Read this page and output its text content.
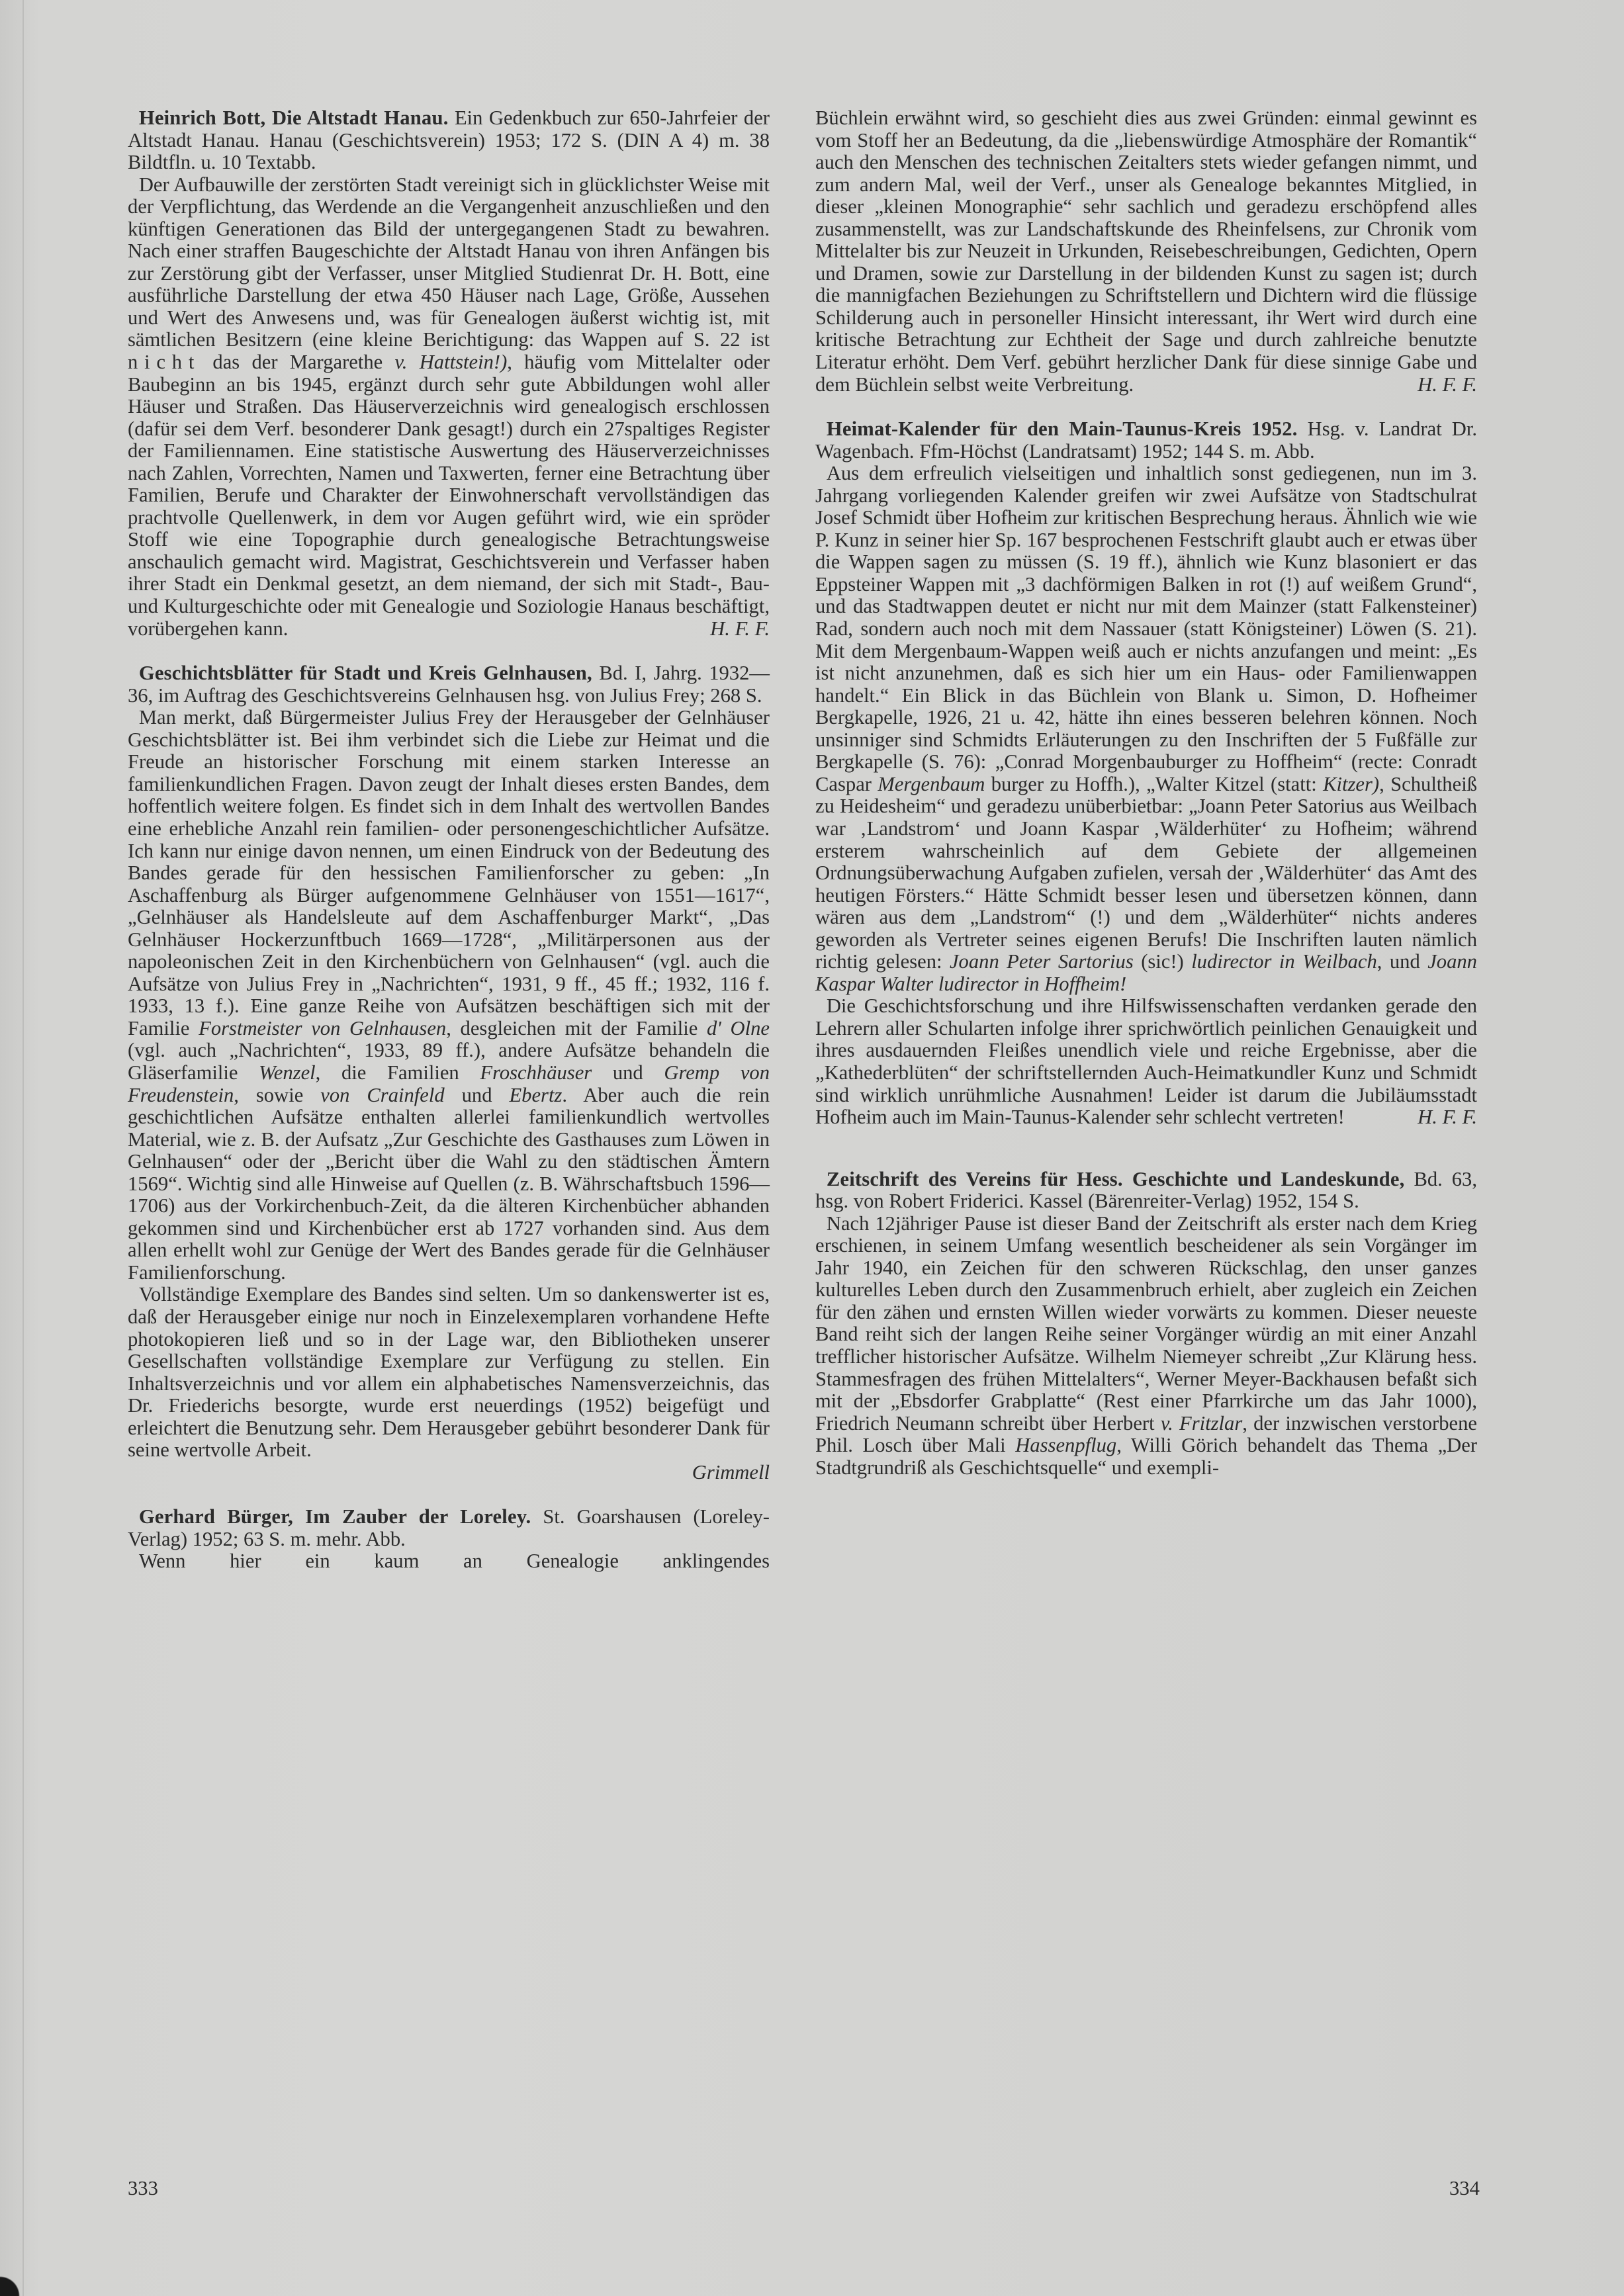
Heinrich Bott, Die Altstadt Hanau. Ein Gedenkbuch zur 650-Jahrfeier der Altstadt Hanau. Hanau (Geschichtsverein) 1953; 172 S. (DIN A 4) m. 38 Bildtfln. u. 10 Textabb.

Der Aufbauwille der zerstörten Stadt vereinigt sich in glücklichster Weise mit der Verpflichtung, das Werdende an die Vergangenheit anzuschließen und den künftigen Generationen das Bild der untergegangenen Stadt zu bewahren. Nach einer straffen Baugeschichte der Altstadt Hanau von ihren Anfängen bis zur Zerstörung gibt der Verfasser, unser Mitglied Studienrat Dr. H. Bott, eine ausführliche Darstellung der etwa 450 Häuser nach Lage, Größe, Aussehen und Wert des Anwesens und, was für Genealogen äußerst wichtig ist, mit sämtlichen Besitzern (eine kleine Berichtigung: das Wappen auf S. 22 ist nicht das der Margarethe v. Hattstein!), häufig vom Mittelalter oder Baubeginn an bis 1945, ergänzt durch sehr gute Abbildungen wohl aller Häuser und Straßen. Das Häuserverzeichnis wird genealogisch erschlossen (dafür sei dem Verf. besonderer Dank gesagt!) durch ein 27spaltiges Register der Familiennamen. Eine statistische Auswertung des Häuserverzeichnisses nach Zahlen, Vorrechten, Namen und Taxwerten, ferner eine Betrachtung über Familien, Berufe und Charakter der Einwohnerschaft vervollständigen das prachtvolle Quellenwerk, in dem vor Augen geführt wird, wie ein spröder Stoff wie eine Topographie durch genealogische Betrachtungsweise anschaulich gemacht wird. Magistrat, Geschichtsverein und Verfasser haben ihrer Stadt ein Denkmal gesetzt, an dem niemand, der sich mit Stadt-, Bau- und Kulturgeschichte oder mit Genealogie und Soziologie Hanaus beschäftigt, vorübergehen kann.	H. F. F.

Geschichtsblätter für Stadt und Kreis Gelnhausen, Bd. I, Jahrg. 1932—36, im Auftrag des Geschichtsvereins Gelnhausen hsg. von Julius Frey; 268 S.

Man merkt, daß Bürgermeister Julius Frey der Herausgeber der Gelnhäuser Geschichtsblätter ist. Bei ihm verbindet sich die Liebe zur Heimat und die Freude an historischer Forschung mit einem starken Interesse an familienkundlichen Fragen. Davon zeugt der Inhalt dieses ersten Bandes, dem hoffentlich weitere folgen. Es findet sich in dem Inhalt des wertvollen Bandes eine erhebliche Anzahl rein familien- oder personengeschichtlicher Aufsätze. Ich kann nur einige davon nennen, um einen Eindruck von der Bedeutung des Bandes gerade für den hessischen Familienforscher zu geben: „In Aschaffenburg als Bürger aufgenommene Gelnhäuser von 1551—1617“, „Gelnhäuser als Handelsleute auf dem Aschaffenburger Markt“, „Das Gelnhäuser Hockerzunftbuch 1669—1728“, „Militärpersonen aus der napoleonischen Zeit in den Kirchenbüchern von Gelnhausen“ (vgl. auch die Aufsätze von Julius Frey in „Nachrichten“, 1931, 9 ff., 45 ff.; 1932, 116 f. 1933, 13 f.). Eine ganze Reihe von Aufsätzen beschäftigen sich mit der Familie Forstmeister von Gelnhausen, desgleichen mit der Familie d' Olne (vgl. auch „Nachrichten“, 1933, 89 ff.), andere Aufsätze behandeln die Gläserfamilie Wenzel, die Familien Froschhäuser und Gremp von Freudenstein, sowie von Crainfeld und Ebertz. Aber auch die rein geschichtlichen Aufsätze enthalten allerlei familienkundlich wertvolles Material, wie z. B. der Aufsatz „Zur Geschichte des Gasthauses zum Löwen in Gelnhausen“ oder der „Bericht über die Wahl zu den städtischen Ämtern 1569“. Wichtig sind alle Hinweise auf Quellen (z. B. Währschaftsbuch 1596—1706) aus der Vorkirchenbuch-Zeit, da die älteren Kirchenbücher abhanden gekommen sind und Kirchenbücher erst ab 1727 vorhanden sind. Aus dem allen erhellt wohl zur Genüge der Wert des Bandes gerade für die Gelnhäuser Familienforschung.

Vollständige Exemplare des Bandes sind selten. Um so dankenswerter ist es, daß der Herausgeber einige nur noch in Einzelexemplaren vorhandene Hefte photokopieren ließ und so in der Lage war, den Bibliotheken unserer Gesellschaften vollständige Exemplare zur Verfügung zu stellen. Ein Inhaltsverzeichnis und vor allem ein alphabetisches Namensverzeichnis, das Dr. Friederichs besorgte, wurde erst neuerdings (1952) beigefügt und erleichtert die Benutzung sehr. Dem Herausgeber gebührt besonderer Dank für seine wertvolle Arbeit.

Grimmell

Gerhard Bürger, Im Zauber der Loreley. St. Goarshausen (Loreley-Verlag) 1952; 63 S. m. mehr. Abb.

Wenn hier ein kaum an Genealogie anklingendes

Büchlein erwähnt wird, so geschieht dies aus zwei Gründen: einmal gewinnt es vom Stoff her an Bedeutung, da die „liebenswürdige Atmosphäre der Romantik“ auch den Menschen des technischen Zeitalters stets wieder gefangen nimmt, und zum andern Mal, weil der Verf., unser als Genealoge bekanntes Mitglied, in dieser „kleinen Monographie“ sehr sachlich und geradezu erschöpfend alles zusammenstellt, was zur Landschaftskunde des Rheinfelsens, zur Chronik vom Mittelalter bis zur Neuzeit in Urkunden, Reisebeschreibungen, Gedichten, Opern und Dramen, sowie zur Darstellung in der bildenden Kunst zu sagen ist; durch die mannigfachen Beziehungen zu Schriftstellern und Dichtern wird die flüssige Schilderung auch in personeller Hinsicht interessant, ihr Wert wird durch eine kritische Betrachtung zur Echtheit der Sage und durch zahlreiche benutzte Literatur erhöht. Dem Verf. gebührt herzlicher Dank für diese sinnige Gabe und dem Büchlein selbst weite Verbreitung.	H. F. F.

Heimat-Kalender für den Main-Taunus-Kreis 1952. Hsg. v. Landrat Dr. Wagenbach. Ffm-Höchst (Landratsamt) 1952; 144 S. m. Abb.

Aus dem erfreulich vielseitigen und inhaltlich sonst gediegenen, nun im 3. Jahrgang vorliegenden Kalender greifen wir zwei Aufsätze von Stadtschulrat Josef Schmidt über Hofheim zur kritischen Besprechung heraus. Ähnlich wie wie P. Kunz in seiner hier Sp. 167 besprochenen Festschrift glaubt auch er etwas über die Wappen sagen zu müssen (S. 19 ff.), ähnlich wie Kunz blasoniert er das Eppsteiner Wappen mit „3 dachförmigen Balken in rot (!) auf weißem Grund“, und das Stadtwappen deutet er nicht nur mit dem Mainzer (statt Falkensteiner) Rad, sondern auch noch mit dem Nassauer (statt Königsteiner) Löwen (S. 21). Mit dem Mergenbaum-Wappen weiß auch er nichts anzufangen und meint: „Es ist nicht anzunehmen, daß es sich hier um ein Haus- oder Familienwappen handelt.“ Ein Blick in das Büchlein von Blank u. Simon, D. Hofheimer Bergkapelle, 1926, 21 u. 42, hätte ihn eines besseren belehren können. Noch unsinniger sind Schmidts Erläuterungen zu den Inschriften der 5 Fußfälle zur Bergkapelle (S. 76): „Conrad Morgenbauburger zu Hoffheim“ (recte: Conradt Caspar Mergenbaum burger zu Hoffh.), „Walter Kitzel (statt: Kitzer), Schultheiß zu Heidesheim“ und geradezu unüberbietbar: „Joann Peter Satorius aus Weilbach war ‚Landstrom‘ und Joann Kaspar ‚Wälderhüter‘ zu Hofheim; während ersterem wahrscheinlich auf dem Gebiete der allgemeinen Ordnungsüberwachung Aufgaben zufielen, versah der ‚Wälderhüter‘ das Amt des heutigen Försters.“ Hätte Schmidt besser lesen und übersetzen können, dann wären aus dem „Landstrom“ (!) und dem „Wälderhüter“ nichts anderes geworden als Vertreter seines eigenen Berufs! Die Inschriften lauten nämlich richtig gelesen: Joann Peter Sartorius (sic!) ludirector in Weilbach, und Joann Kaspar Walter ludirector in Hoffheim!

Die Geschichtsforschung und ihre Hilfswissenschaften verdanken gerade den Lehrern aller Schularten infolge ihrer sprichwörtlich peinlichen Genauigkeit und ihres ausdauernden Fleißes unendlich viele und reiche Ergebnisse, aber die „Kathederblüten“ der schriftstellernden Auch-Heimatkundler Kunz und Schmidt sind wirklich unrühmliche Ausnahmen! Leider ist darum die Jubiläumsstadt Hofheim auch im Main-Taunus-Kalender sehr schlecht vertreten!	H. F. F.

Zeitschrift des Vereins für Hess. Geschichte und Landeskunde, Bd. 63, hsg. von Robert Friderici. Kassel (Bärenreiter-Verlag) 1952, 154 S.

Nach 12jähriger Pause ist dieser Band der Zeitschrift als erster nach dem Krieg erschienen, in seinem Umfang wesentlich bescheidener als sein Vorgänger im Jahr 1940, ein Zeichen für den schweren Rückschlag, den unser ganzes kulturelles Leben durch den Zusammenbruch erhielt, aber zugleich ein Zeichen für den zähen und ernsten Willen wieder vorwärts zu kommen. Dieser neueste Band reiht sich der langen Reihe seiner Vorgänger würdig an mit einer Anzahl trefflicher historischer Aufsätze. Wilhelm Niemeyer schreibt „Zur Klärung hess. Stammesfragen des frühen Mittelalters“, Werner Meyer-Backhausen befaßt sich mit der „Ebsdorfer Grabplatte“ (Rest einer Pfarrkirche um das Jahr 1000), Friedrich Neumann schreibt über Herbert v. Fritzlar, der inzwischen verstorbene Phil. Losch über Mali Hassenpflug, Willi Görich behandelt das Thema „Der Stadtgrundriß als Geschichtsquelle“ und exempli-

333	334
